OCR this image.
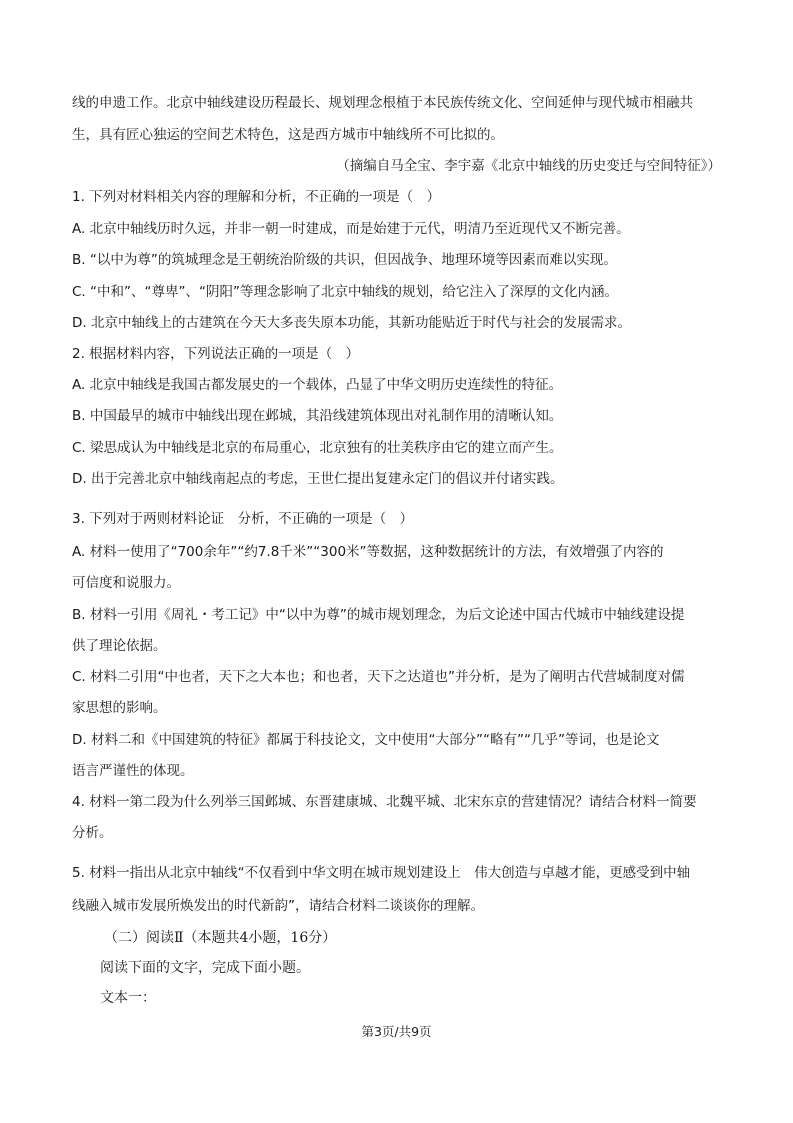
线的申遗工作。北京中轴线建设历程最长、规划理念根植于本民族传统文化、空间延伸与现代城市相融共
生，具有匠心独运的空间艺术特色，这是西方城市中轴线所不可比拟的。
（摘编自马全宝、李宇嘉《北京中轴线的历史变迁与空间特征》）
1. 下列对材料相关内容的理解和分析，不正确的一项是（　）
A. 北京中轴线历时久远，并非一朝一时建成，而是始建于元代，明清乃至近现代又不断完善。
B. “以中为尊”的筑城理念是王朝统治阶级的共识，但因战争、地理环境等因素而难以实现。
C. “中和”、“尊卑”、“阴阳”等理念影响了北京中轴线的规划，给它注入了深厚的文化内涵。
D. 北京中轴线上的古建筑在今天大多丧失原本功能，其新功能贴近于时代与社会的发展需求。
2. 根据材料内容，下列说法正确的一项是（　）
A. 北京中轴线是我国古都发展史的一个载体，凸显了中华文明历史连续性的特征。
B. 中国最早的城市中轴线出现在邺城，其沿线建筑体现出对礼制作用的清晰认知。
C. 梁思成认为中轴线是北京的布局重心，北京独有的壮美秩序由它的建立而产生。
D. 出于完善北京中轴线南起点的考虑，王世仁提出复建永定门的倡议并付诸实践。
3. 下列对于两则材料论证　分析，不正确的一项是（　）
A. 材料一使用了“700余年”“约7.8千米”“300米”等数据，这种数据统计的方法，有效增强了内容的
可信度和说服力。
B. 材料一引用《周礼・考工记》中“以中为尊”的城市规划理念，为后文论述中国古代城市中轴线建设提
供了理论依据。
C. 材料二引用“中也者，天下之大本也；和也者，天下之达道也”并分析，是为了阐明古代营城制度对儒
家思想的影响。
D. 材料二和《中国建筑的特征》都属于科技论文，文中使用“大部分”“略有”“几乎”等词，也是论文
语言严谨性的体现。
4. 材料一第二段为什么列举三国邺城、东晋建康城、北魏平城、北宋东京的营建情况？请结合材料一简要
分析。
5. 材料一指出从北京中轴线“不仅看到中华文明在城市规划建设上　伟大创造与卓越才能，更感受到中轴
线融入城市发展所焕发出的时代新韵”，请结合材料二谈谈你的理解。
（二）阅读Ⅱ（本题共4小题，16分）
阅读下面的文字，完成下面小题。
文本一：
第3页/共9页
